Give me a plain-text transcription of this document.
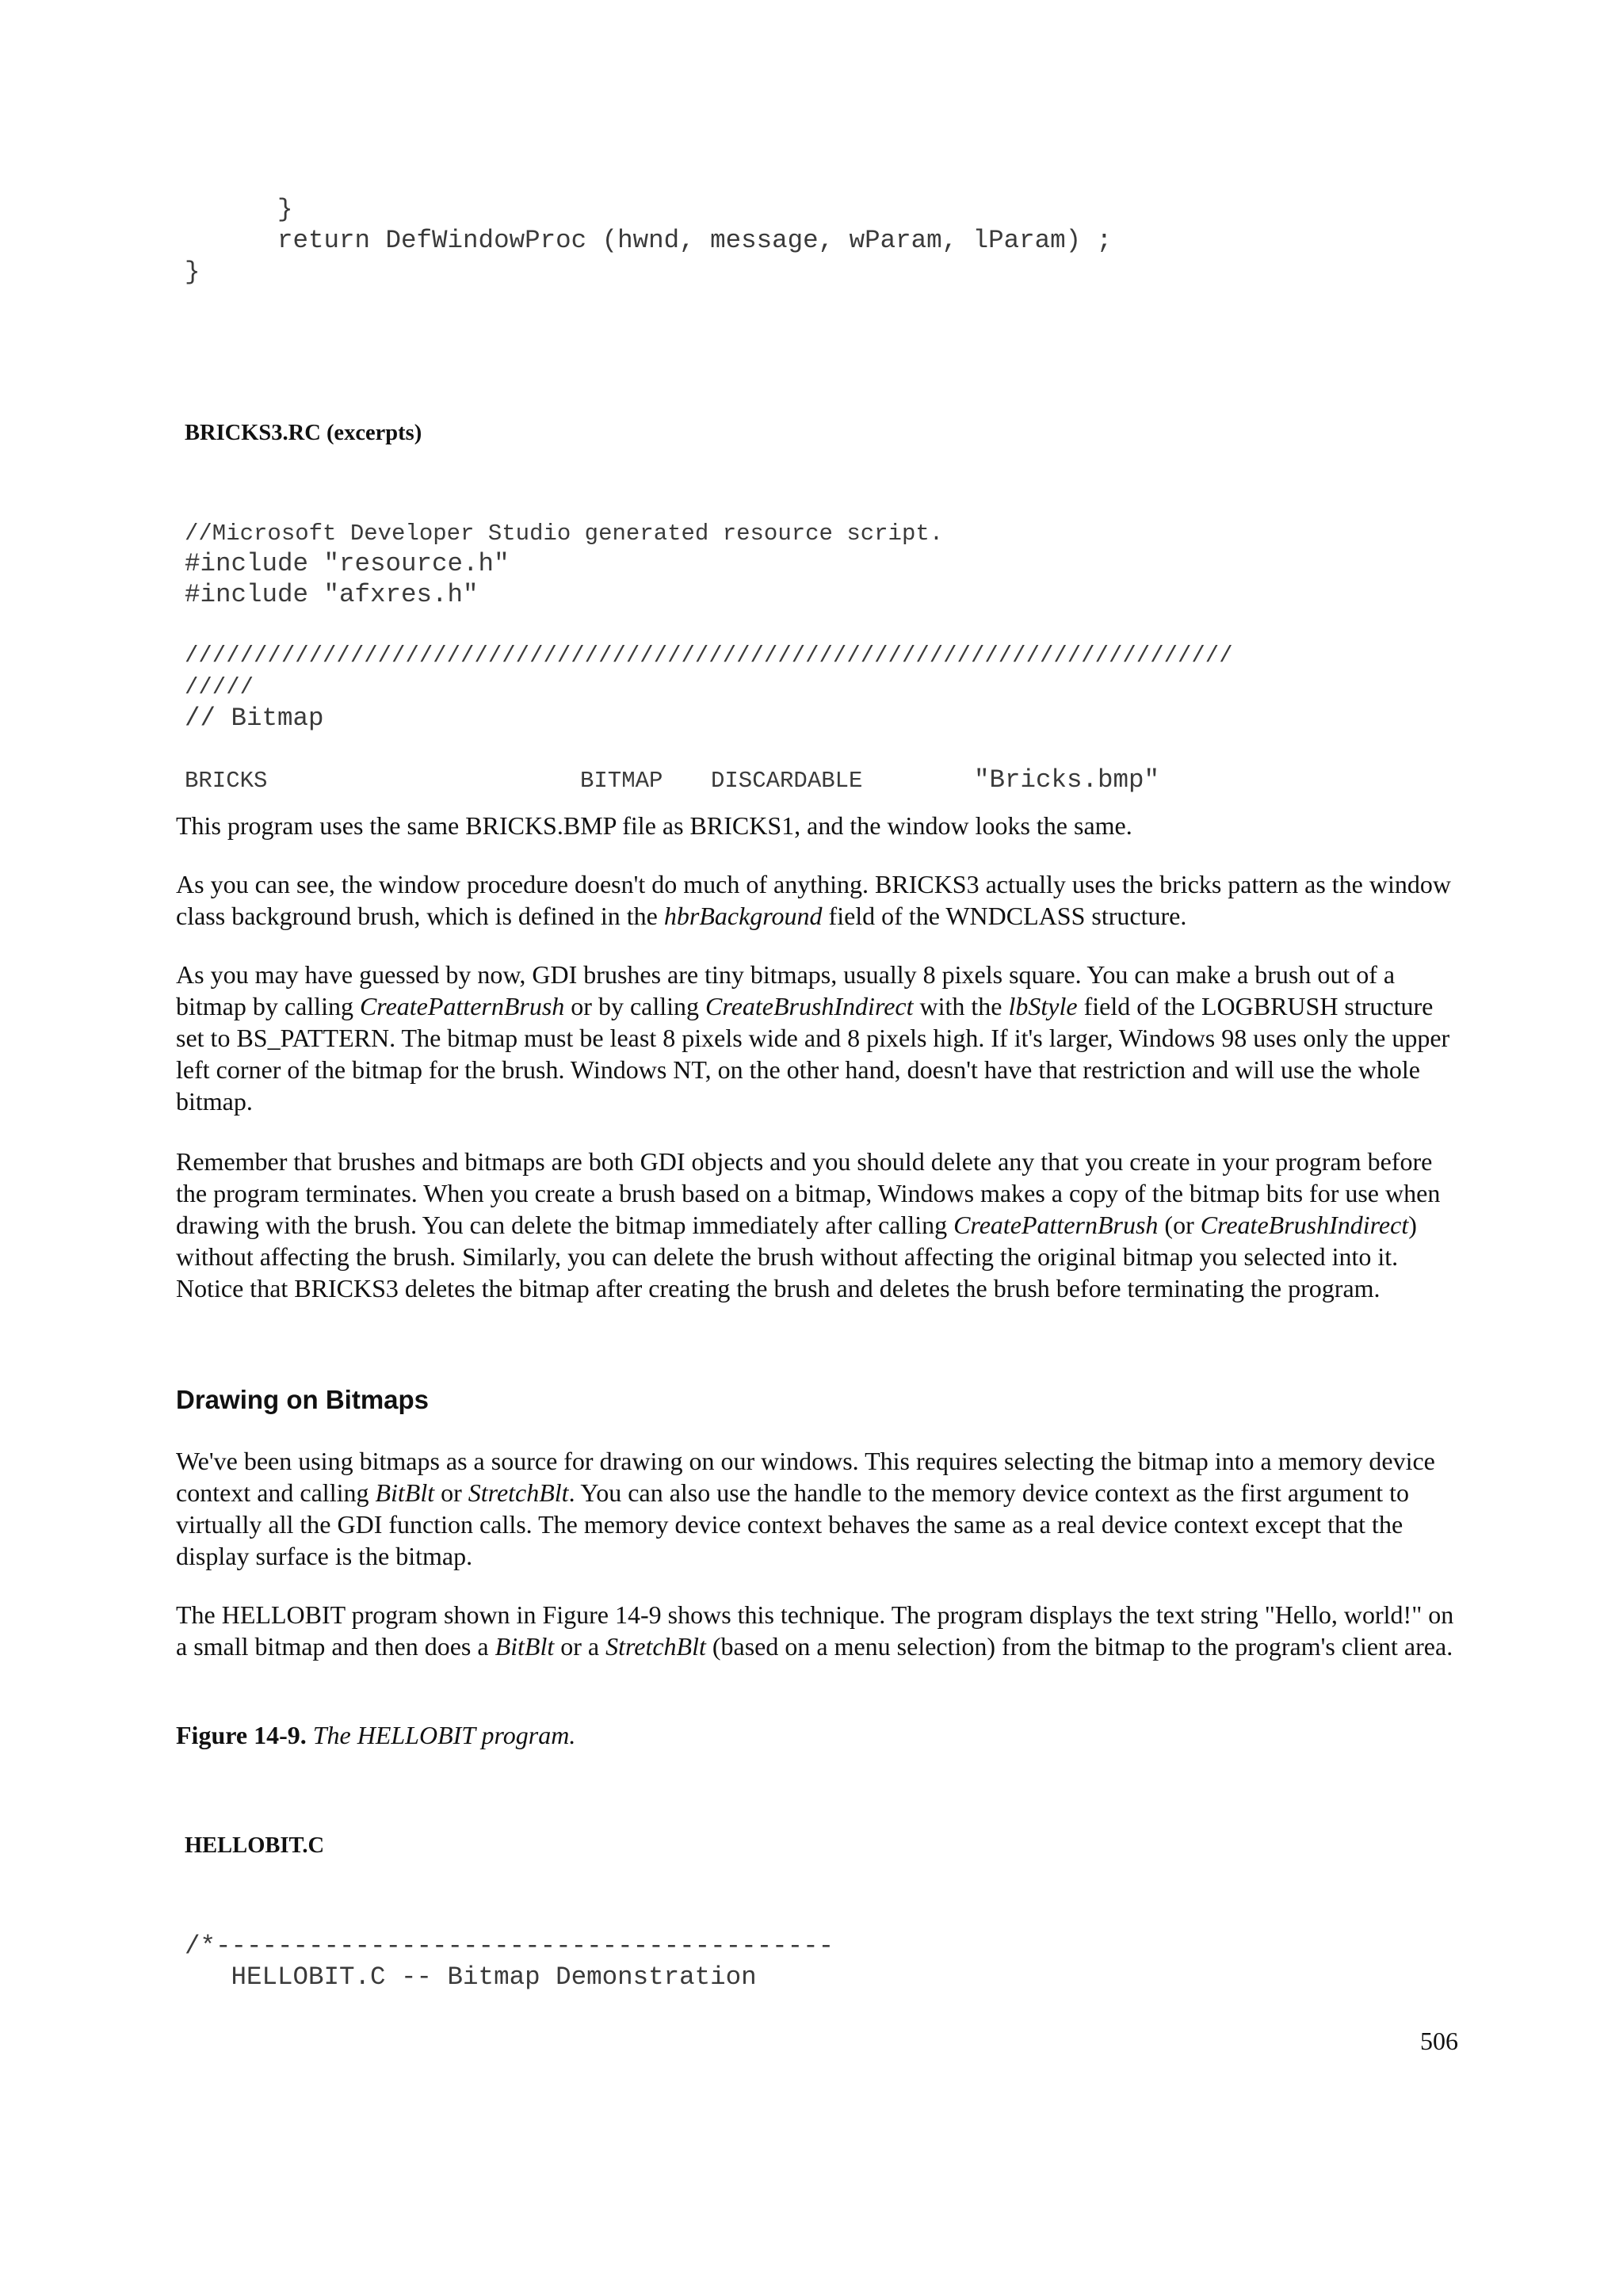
}
return DefWindowProc (hwnd, message, wParam, lParam) ;
}
BRICKS3.RC (excerpts)
//Microsoft Developer Studio generated resource script.
#include "resource.h"
#include "afxres.h"
////////////////////////////////////////////////////////////////////////////
/////
// Bitmap
BRICKS	BITMAP DISCARDABLE	"Bricks.bmp"

This program uses the same BRICKS.BMP file as BRICKS1, and the window looks the same.

As you can see, the window procedure doesn't do much of anything. BRICKS3 actually uses the bricks pattern as the window class background brush, which is defined in the hbrBackground field of the WNDCLASS structure.

As you may have guessed by now, GDI brushes are tiny bitmaps, usually 8 pixels square. You can make a brush out of a bitmap by calling CreatePatternBrush or by calling CreateBrushIndirect with the lbStyle field of the LOGBRUSH structure set to BS_PATTERN. The bitmap must be least 8 pixels wide and 8 pixels high. If it's larger, Windows 98 uses only the upper left corner of the bitmap for the brush. Windows NT, on the other hand, doesn't have that restriction and will use the whole bitmap.

Remember that brushes and bitmaps are both GDI objects and you should delete any that you create in your program before the program terminates. When you create a brush based on a bitmap, Windows makes a copy of the bitmap bits for use when drawing with the brush. You can delete the bitmap immediately after calling CreatePatternBrush (or CreateBrushIndirect) without affecting the brush. Similarly, you can delete the brush without affecting the original bitmap you selected into it. Notice that BRICKS3 deletes the bitmap after creating the brush and deletes the brush before terminating the program.

Drawing on Bitmaps

We've been using bitmaps as a source for drawing on our windows. This requires selecting the bitmap into a memory device context and calling BitBlt or StretchBlt. You can also use the handle to the memory device context as the first argument to virtually all the GDI function calls. The memory device context behaves the same as a real device context except that the display surface is the bitmap.

The HELLOBIT program shown in Figure 14-9 shows this technique. The program displays the text string "Hello, world!" on a small bitmap and then does a BitBlt or a StretchBlt (based on a menu selection) from the bitmap to the program's client area.

Figure 14-9. The HELLOBIT program.

HELLOBIT.C
/*----------------------------------------
HELLOBIT.C -- Bitmap Demonstration
506
